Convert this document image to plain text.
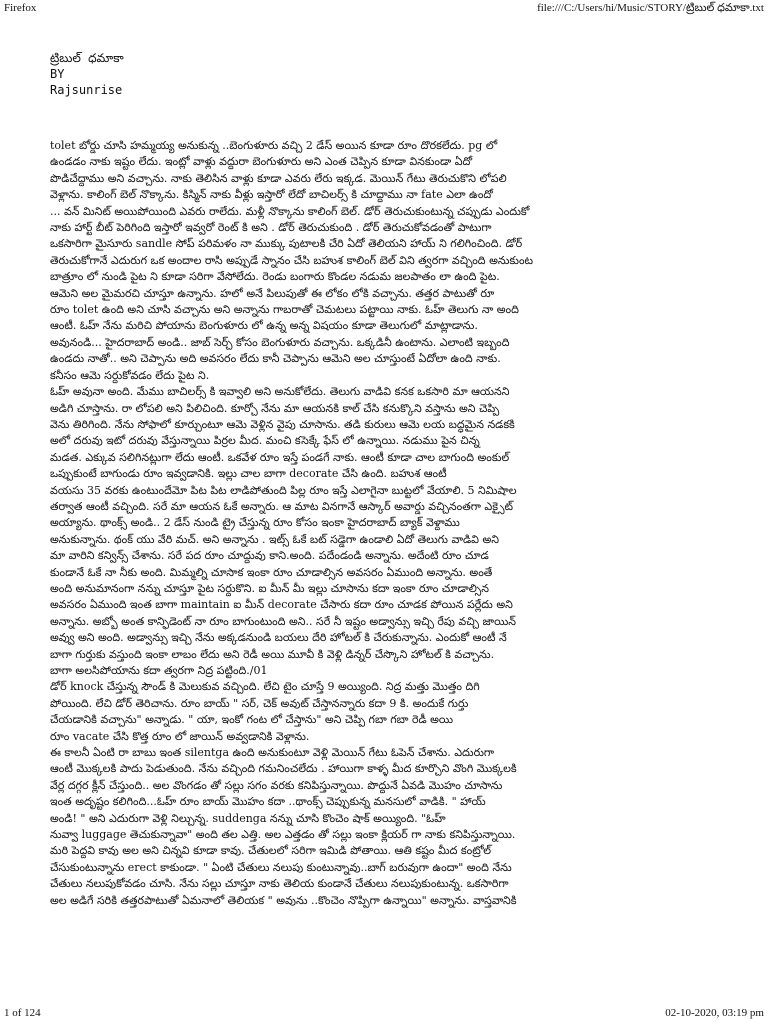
Firefox	file:///C:/Users/hi/Music/STORY/ట్రిబుల్ ధమాకా.txt
ట్రిబుల్ ధమాకా
BY
Rajsunrise
tolet బోర్డు చూసి హమ్మయ్య అనుకున్న ..బెంగుళూరు వచ్చి 2 డేస్ అయిన కూడా రూం దొరకలేదు. pg లో
ఉండడం నాకు ఇష్టం లేదు. ఇంట్లో వాళ్లు వద్దురా బెంగుళూరు అని ఎంత చెప్పిన కూడా వినకుండా ఏదో
పొడిచేద్దాము అని వచ్చాను. నాకు తెలిసిన వాళ్లు కూడా ఎవరు లేరు ఇక్కడ. మెయిన్ గేటు తెరుచుకొని లోపలి
వెళ్లాను. కాలింగ్ బెల్ నొక్కాను. కిస్మిన్ నాకు వీళ్లు ఇస్తారో లేదో బాచిలర్స్ కి చూద్దాము నా fate ఎలా ఉందో
... వన్ మినిట్ అయిపోయింది ఎవరు రాలేదు. మళ్లీ నొక్కాను కాలింగ్ బెల్. డోర్ తెరుచుకుంటున్న చప్పుడు ఎందుకో
నాకు హార్ట్ బీట్ పెరిగింది ఇస్తారో ఇవ్వరో రెంట్ కి అని . డోర్ తెరుచుకుంది . డోర్ తెరుచుకోవడంతో పాటుగా
ఒకసారిగా మైసూరు sandle సోప్ పరిమళం నా ముక్కు పుటాలకి చేరి ఏదో తెలియని హాయ్ ని గలిగించింది. డోర్
తెరుచుకోగానే ఎదురుగ ఒక అందాల రాసి అప్పుడే స్నానం చేసి బహుశ కాలింగ్ బెల్ విని త్వరగా వచ్చింది అనుకుంట
బాత్రూం లో నుండి పైట ని కూడా సరిగా వేసోలేదు. రెండు బంగారు కొండల నడుమ జలపాతం లా ఉంది పైట.
ఆమెని అల మైమరచి చూస్తూ ఉన్నాను. హలో అనే పిలుపుతో ఈ లోకం లోకి వచ్చాను. తత్తర పాటుతో రూ
రూం tolet ఉంది అని చూసి వచ్చాను అని అన్నాను గాబరాతో చెమటలు పట్టాయి నాకు. ఓహ్ తెలుగు నా అంది
ఆంటీ. ఓహ్ నేను మరిచి పోయాను బెంగుళూరు లో ఉన్న అన్న విషయం కూడా తెలుగులో మాట్లాడాను.
అవునండి... హైదరాబాద్ అండి.. జాబ్ సెర్చ్ కోసం బెంగుళూరు వచ్చాను. ఒక్కడినీ ఉంటాను. ఎలాంటి ఇబ్బంది
ఉండదు నాతో.. అని చెప్పాను అది అవసరం లేదు కానీ చెప్పాను ఆమెని అల చూస్తుంటే ఏదోలా ఉంది నాకు.
కనీసం ఆమె సర్దుకోవడం లేదు పైట ని.
ఓహ్ అవునా అంది. మేము బాచిలర్స్ కి ఇవ్వాలి అని అనుకోలేదు. తెలుగు వాడివి కనక ఒకసారి మా ఆయనని
అడిగి చూస్తాను. రా లోపలి అని పిలిచింది. కూర్చో నేను మా ఆయనకి కాల్ చేసి కనుక్కొని వస్తాను అని చెప్పి
వెను తిరిగింది. నేను సోఫాలో కూర్చుంటూ ఆమె వెళ్లిన వైపు చూసాను. తడి కురులు ఆమె లయ బద్ధమైన నడకకి
అలో దరువు ఇటో దరువు వేస్తున్నాయి పిర్రల మీద. మంచి కసెక్కే ఫేస్ లో ఉన్నాయి. నడుము పైన చిన్న
మడత. ఎక్కువ సలిగినట్లుగా లేదు ఆంటీ. ఒకవేళ రూం ఇస్తే పండగే నాకు. ఆంటీ కూడా చాల బాగుంది అంకుల్
ఒప్పుకుంటే బాగుండు రూం ఇవ్వడానికి. ఇల్లు చాల బాగా decorate చేసి ఉంది. బహుశ ఆంటీ
వయసు 35 వరకు ఉంటుందేమో పిట పిట లాడిపోతుంది పిల్ల రూం ఇస్తే ఎలాగైనా బుట్టలో వేయాలి. 5 నిమిషాల
తర్వాత ఆంటీ వచ్చింది. సరే మా ఆయన ఓకే అన్నారు. ఆ మాట వినగానే ఆస్కార్ అవార్డు వచ్చినంతగా ఎక్సైట్
అయ్యాను. థాంక్స్ అండి.. 2 డేస్ నుండి ట్రై చేస్తున్న రూం కోసం ఇంకా హైదరాబాద్ బ్యాక్ వెళ్దాము
అనుకున్నాను. థంక్ యు వేరి మచ్. అని అన్నాను . ఇట్స్ ఓకే బట్ సడ్డెగా ఉండాలి ఏదో తెలుగు వాడివి అని
మా వారిని కన్విన్స్ చేశాను. సరే పద రూం చూద్దువు కాని.అంది. పదేండండి అన్నాను. అదేంటి రూం చూడ
కుండానే ఓకే నా నీకు అంది. మిమ్మల్ని చూసాక ఇంకా రూం చూడాల్సిన అవసరం ఏముంది అన్నాను. అంతే
అంది అనుమానంగా నన్ను చూస్తూ పైట సర్దుకొని. ఐ మీన్ మీ ఇల్లు చూసాను కదా ఇంకా రూం చూడాల్సిన
అవసరం ఏముంది ఇంత బాగా maintain ఐ మీన్ decorate చేసారు కదా రూం చూడక పోయిన పర్లేదు అని
అన్నాను. అబ్బో అంత కాన్ఫిడెంట్ నా రూం బాగుంటుంది అని.. సరే నీ ఇష్టం అడ్వాన్సు ఇచ్చి రేపు వచ్చి జాయిన్
అవ్వు అని అంది. అడ్వాన్సు ఇచ్చి నేను అక్కడనుండి బయలు దేరి హోటల్ కి చేరుకున్నాను. ఎందుకో ఆంటీ నే
బాగా గుర్తుకు వస్తుంది ఇంకా లాబం లేదు అని రెడీ అయి మూవీ కి వెళ్లి డిన్నర్ చేస్కొని హోటల్ కి వచ్చాను.
బాగా అలసిపోయాను కదా త్వరగా నిద్ర పట్టింది./01
డోర్ knock చేస్తున్న సౌండ్ కి మెలుకువ వచ్చింది. లేచి టైం చూస్తే 9 అయ్యింది. నిద్ర మత్తు మొత్తం దిగి
పోయింది. లేచి డోర్ తెరిచాను. రూం బాయ్ " సర్, చెక్ అవుట్ చేస్తానన్నారు కదా 9 కి. అందుకే గుర్తు
చేయడానికి వచ్చాను" అన్నాడు. " యా, ఇంకో గంట లో చేస్తాను" అని చెప్పి గబా గబా రెడీ అయి
రూం vacate చేసి కొత్త రూం లో జాయిన్ అవ్వడానికి వెళ్లాను.
ఈ కాలనీ ఏంటి రా బాబు ఇంత silentga ఉంది అనుకుంటూ వెళ్లి మెయిన్ గేటు ఓపెన్ చేశాను. ఎదురుగా
ఆంటీ మొక్కలకి పాదు పెడుతుంది. నేను వచ్చింది గమనించలేదు . హాయిగా కాళ్ళ మీద కూర్చొని వొంగి మొక్కలకి
వేర్ల దగ్గర క్లీన్ చేస్తుంది.. అల వొంగడం తో సల్లు సగం వరకు కనిపిస్తున్నాయి. పొద్దునే ఏవడి మొహం చూసాను
ఇంత అదృష్టం కలిగింది...ఓహ్ రూం బాయ్ మొహం కదా ..థాంక్స్ చెప్పుకున్న మనసులో వాడికి. " హాయ్
అండి! " అని ఎదురుగా వెళ్లి నిల్చున్న. suddenga నన్ను చూసి కొంచెం షాక్ అయ్యింది. "ఓహ్
నువ్వా luggage తెచుకున్నావా" అంది తల ఎత్తి. అల ఎత్తడం తో సల్లు ఇంకా క్లియర్ గా నాకు కనిపిస్తున్నాయి.
మరి పెద్దవి కావు అల అని చిన్నవి కూడా కావు. చేతులలో సరిగా ఇమిడి పోతాయి. ఆతి కష్టం మీద కంట్రోల్
చేసుకుంటున్నాను erect కాకుండా. " ఏంటి చేతులు నలుపు కుంటున్నావు..బాగ్ బరువుగా ఉందా" అంది నేను
చేతులు నలుపుకోవడం చూసి. నేను సల్లు చూస్తూ నాకు తెలియ కుండానే చేతులు నలుపుకుంటున్న. ఒకసారిగా
అల అడిగే సరికి తత్తరపాటుతో ఏమనాలో తెలియక " అవును ..కొంచెం నొప్పిగా ఉన్నాయి" అన్నాను. వాస్తవానికి
1 of 124	02-10-2020, 03:19 pm
